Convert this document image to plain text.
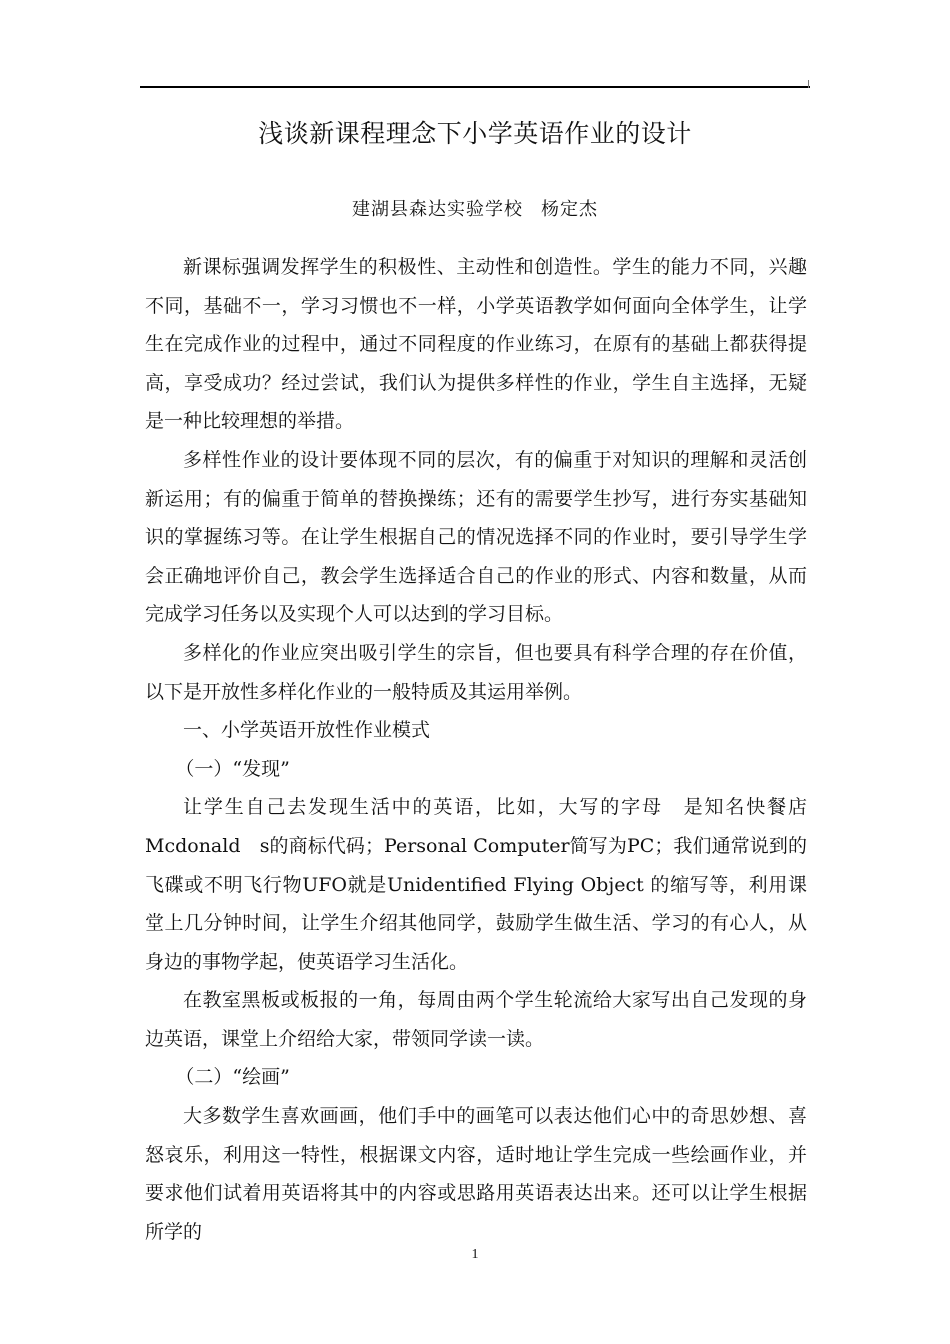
浅谈新课程理念下小学英语作业的设计
建湖县森达实验学校 杨定杰

新课标强调发挥学生的积极性、主动性和创造性。学生的能力不同，兴趣不同，基础不一，学习习惯也不一样，小学英语教学如何面向全体学生，让学生在完成作业的过程中，通过不同程度的作业练习，在原有的基础上都获得提高，享受成功？经过尝试，我们认为提供多样性的作业，学生自主选择，无疑是一种比较理想的举措。

多样性作业的设计要体现不同的层次，有的偏重于对知识的理解和灵活创新运用；有的偏重于简单的替换操练；还有的需要学生抄写，进行夯实基础知识的掌握练习等。在让学生根据自己的情况选择不同的作业时，要引导学生学会正确地评价自己，教会学生选择适合自己的作业的形式、内容和数量，从而完成学习任务以及实现个人可以达到的学习目标。

多样化的作业应突出吸引学生的宗旨，但也要具有科学合理的存在价值，以下是开放性多样化作业的一般特质及其运用举例。

一、小学英语开放性作业模式

（一）“发现”

让学生自己去发现生活中的英语，比如，大写的字母　是知名快餐店Mcdonald　s的商标代码；Personal Computer简写为PC；我们通常说到的飞碟或不明飞行物UFO就是Unidentified Flying Object 的缩写等，利用课堂上几分钟时间，让学生介绍其他同学，鼓励学生做生活、学习的有心人，从身边的事物学起，使英语学习生活化。

在教室黑板或板报的一角，每周由两个学生轮流给大家写出自己发现的身边英语，课堂上介绍给大家，带领同学读一读。

（二）“绘画”

大多数学生喜欢画画，他们手中的画笔可以表达他们心中的奇思妙想、喜怒哀乐，利用这一特性，根据课文内容，适时地让学生完成一些绘画作业，并要求他们试着用英语将其中的内容或思路用英语表达出来。还可以让学生根据所学的

1
